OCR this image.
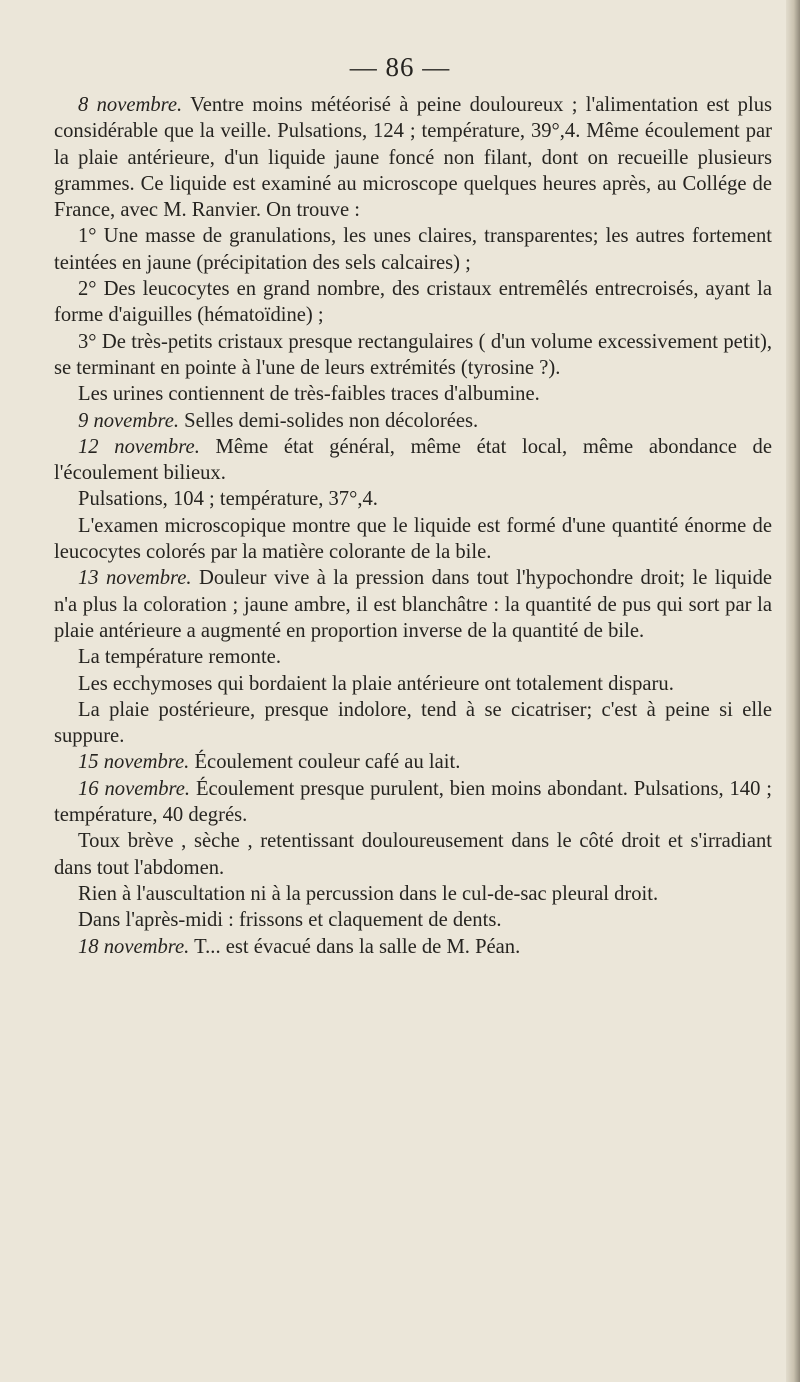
— 86 —

8 novembre. Ventre moins météorisé à peine douloureux ; l'alimentation est plus considérable que la veille. Pulsations, 124 ; température, 39°,4. Même écoulement par la plaie antérieure, d'un liquide jaune foncé non filant, dont on recueille plusieurs grammes. Ce liquide est examiné au microscope quelques heures après, au Collége de France, avec M. Ranvier. On trouve :

1° Une masse de granulations, les unes claires, transparentes; les autres fortement teintées en jaune (précipitation des sels calcaires) ;

2° Des leucocytes en grand nombre, des cristaux entremêlés entrecroisés, ayant la forme d'aiguilles (hématoïdine) ;

3° De très-petits cristaux presque rectangulaires ( d'un volume excessivement petit), se terminant en pointe à l'une de leurs extrémités (tyrosine ?).

Les urines contiennent de très-faibles traces d'albumine.

9 novembre. Selles demi-solides non décolorées.

12 novembre. Même état général, même état local, même abondance de l'écoulement bilieux.

Pulsations, 104 ; température, 37°,4.

L'examen microscopique montre que le liquide est formé d'une quantité énorme de leucocytes colorés par la matière colorante de la bile.

13 novembre. Douleur vive à la pression dans tout l'hypochondre droit; le liquide n'a plus la coloration ; jaune ambre, il est blanchâtre : la quantité de pus qui sort par la plaie antérieure a augmenté en proportion inverse de la quantité de bile.

La température remonte.

Les ecchymoses qui bordaient la plaie antérieure ont totalement disparu.

La plaie postérieure, presque indolore, tend à se cicatriser; c'est à peine si elle suppure.

15 novembre. Écoulement couleur café au lait.

16 novembre. Écoulement presque purulent, bien moins abondant. Pulsations, 140 ; température, 40 degrés.

Toux brève , sèche , retentissant douloureusement dans le côté droit et s'irradiant dans tout l'abdomen.

Rien à l'auscultation ni à la percussion dans le cul-de-sac pleural droit.

Dans l'après-midi : frissons et claquement de dents.

18 novembre. T... est évacué dans la salle de M. Péan.
